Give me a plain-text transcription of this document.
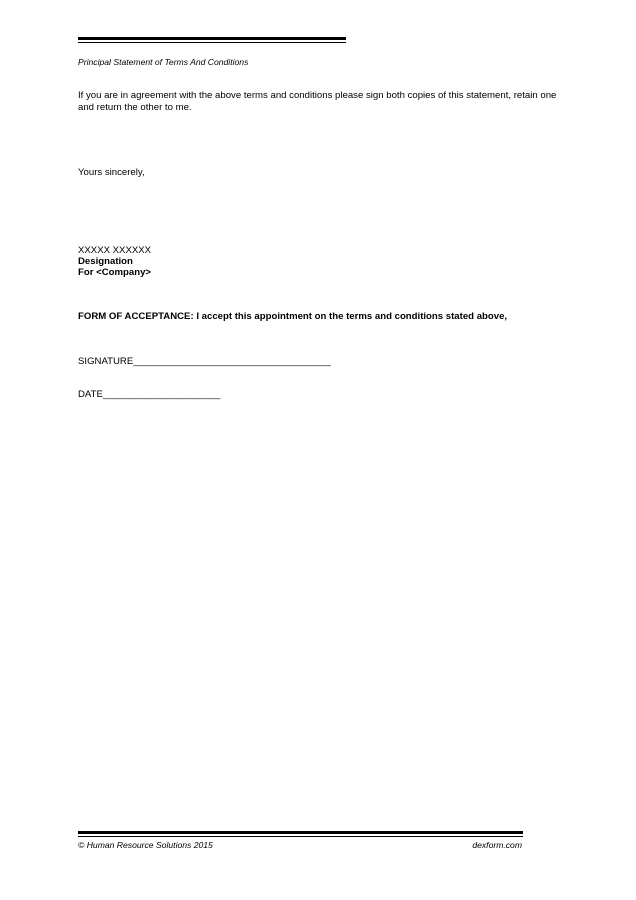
Principal Statement of Terms And Conditions

If you are in agreement with the above terms and conditions please sign both copies of this statement, retain one and return the other to me.

Yours sincerely,

XXXXX XXXXXX

Designation

For <Company>

FORM OF ACCEPTANCE: I accept this appointment on the terms and conditions stated above,

SIGNATURE_____________________________________

DATE______________________

© Human Resource Solutions 2015	dexform.com
